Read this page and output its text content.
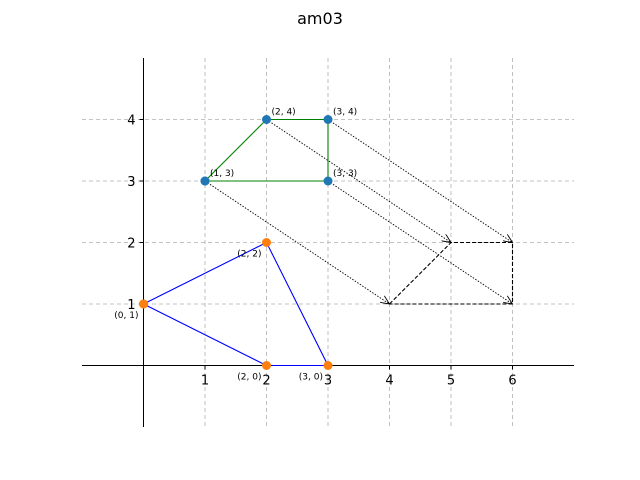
am03
1	2	3	4	5	6
1
2
3
4
(1, 3)
(2, 4)	(3, 4)
(3, 3)
(0, 1)
(2, 2)
(3, 0)
(2, 0)
